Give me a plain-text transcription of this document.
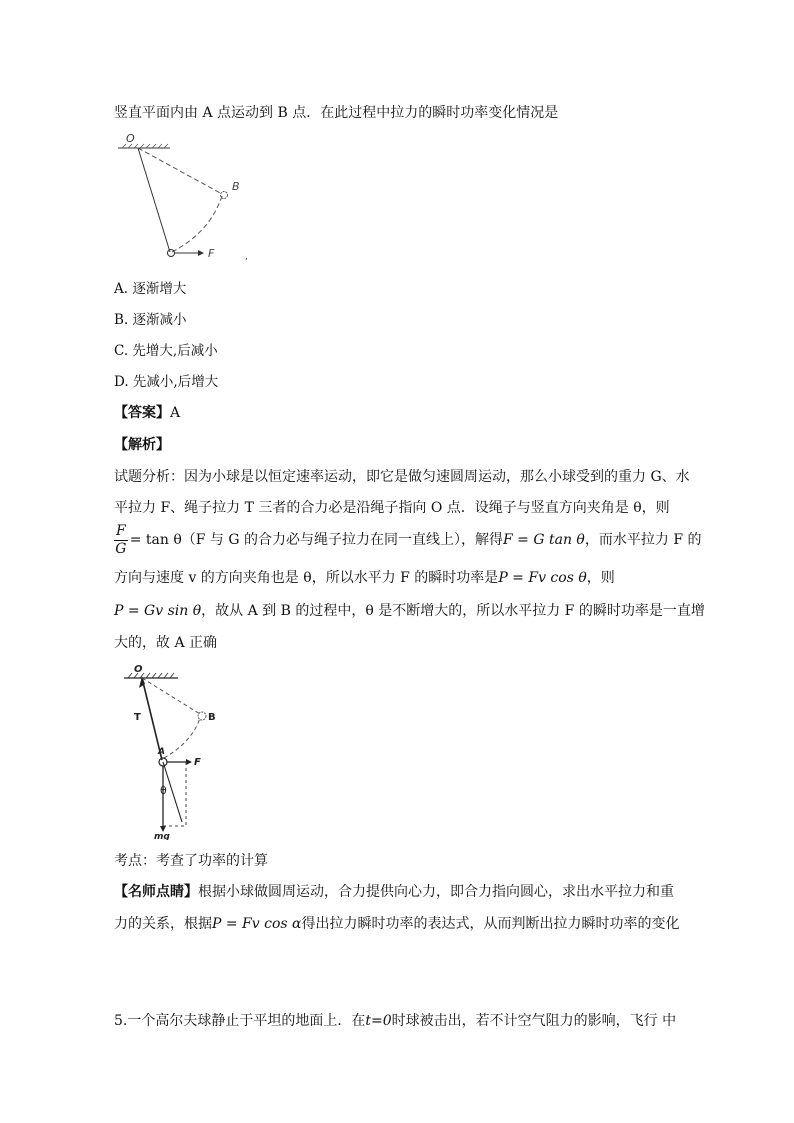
竖直平面内由 A 点运动到 B 点．在此过程中拉力的瞬时功率变化情况是
O
B
F	,
A. 逐渐增大
B. 逐渐减小
C. 先增大,后减小
D. 先减小,后增大
【答案】A
【解析】
试题分析：因为小球是以恒定速率运动，即它是做匀速圆周运动，那么小球受到的重力 G、水
平拉力 F、绳子拉力 T 三者的合力必是沿绳子指向 O 点．设绳子与竖直方向夹角是 θ，则
$\frac{F}{G} = \tan \theta(F$ 与 G 的合力必与绳子拉力在同一直线上），解得F = G tan θ，而水平拉力 F 的
方向与速度 v 的方向夹角也是 θ，所以水平力 F 的瞬时功率是P = Fv cos θ，则
P = Gv sin θ，故从 A 到 B 的过程中，θ 是不断增大的，所以水平拉力 F 的瞬时功率是一直增
大的，故 A 正确
O
T	B
A
F
θ
mg
考点：考查了功率的计算
【名师点睛】根据小球做圆周运动，合力提供向心力，即合力指向圆心，求出水平拉力和重
力的关系，根据P = Fv cos α得出拉力瞬时功率的表达式，从而判断出拉力瞬时功率的变化
5.一个高尔夫球静止于平坦的地面上．在t=0时球被击出，若不计空气阻力的影响，飞行 中
